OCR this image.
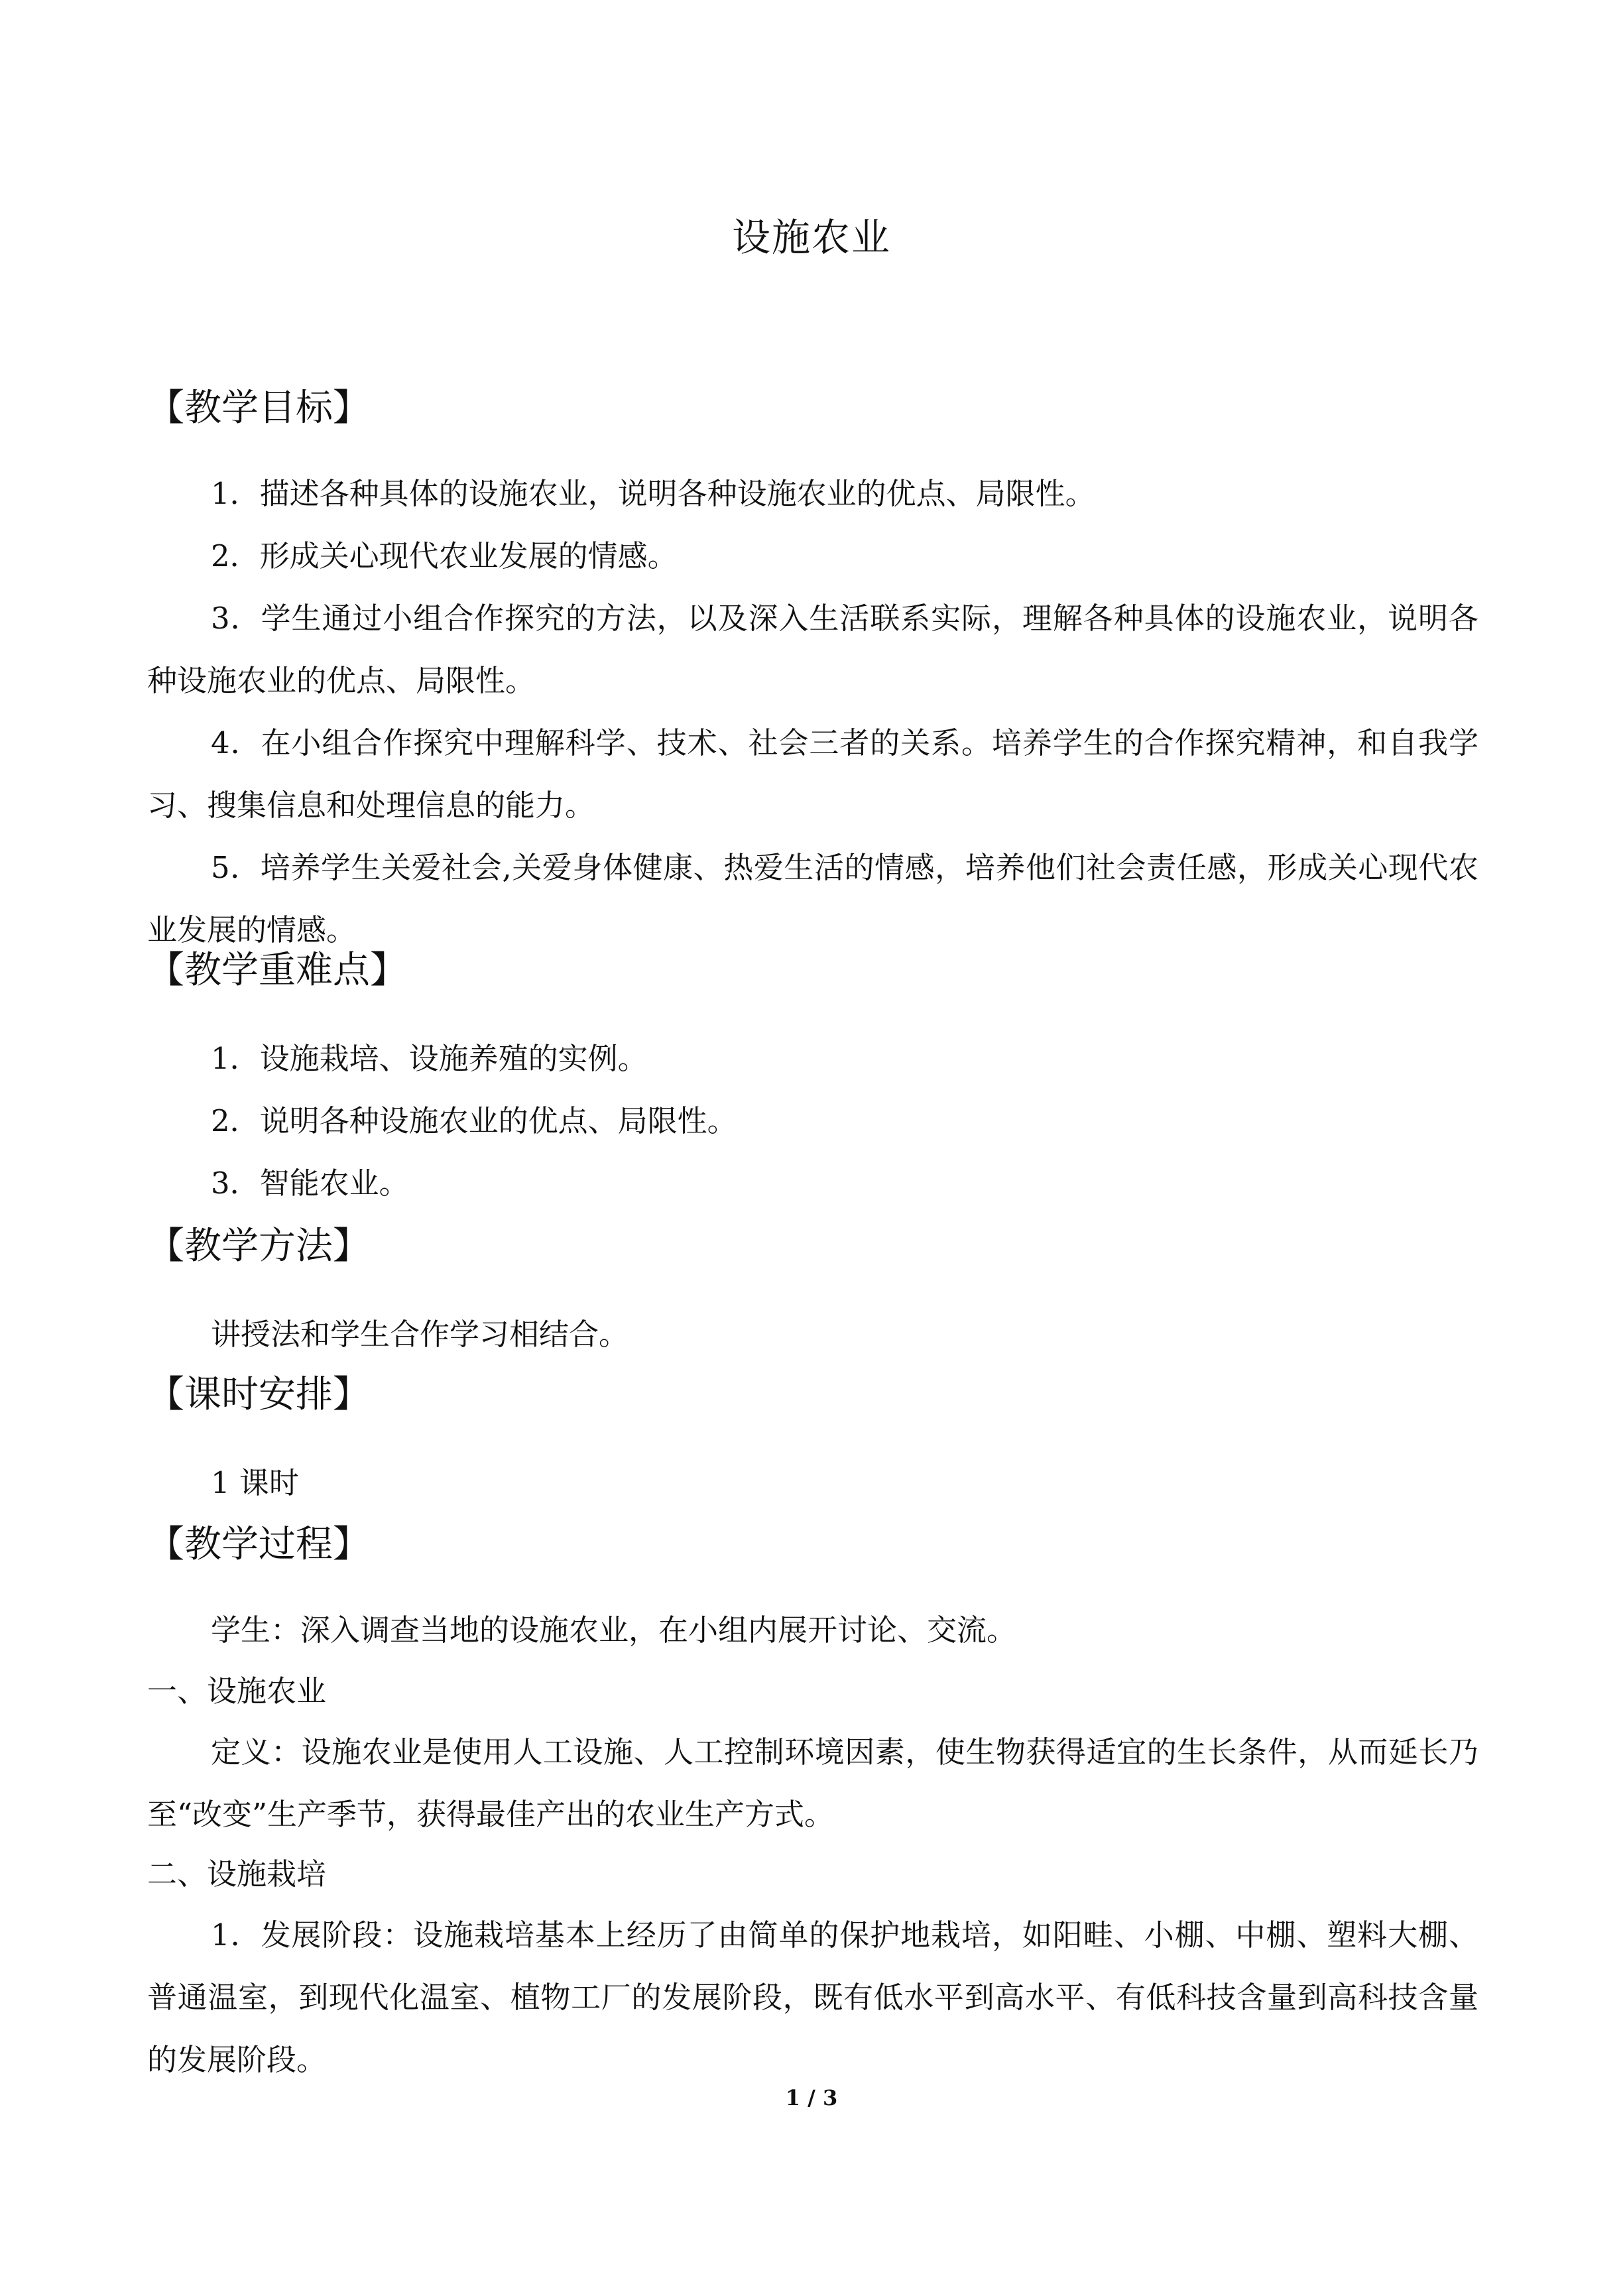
设施农业
【教学目标】
1．描述各种具体的设施农业，说明各种设施农业的优点、局限性。
2．形成关心现代农业发展的情感。
3．学生通过小组合作探究的方法，以及深入生活联系实际，理解各种具体的设施农业，说明各种设施农业的优点、局限性。
4．在小组合作探究中理解科学、技术、社会三者的关系。培养学生的合作探究精神，和自我学习、搜集信息和处理信息的能力。
5．培养学生关爱社会,关爱身体健康、热爱生活的情感，培养他们社会责任感，形成关心现代农业发展的情感。
【教学重难点】
1．设施栽培、设施养殖的实例。
2．说明各种设施农业的优点、局限性。
3．智能农业。
【教学方法】
讲授法和学生合作学习相结合。
【课时安排】
1 课时
【教学过程】
学生：深入调查当地的设施农业，在小组内展开讨论、交流。
一、设施农业
定义：设施农业是使用人工设施、人工控制环境因素，使生物获得适宜的生长条件，从而延长乃至“改变”生产季节，获得最佳产出的农业生产方式。
二、设施栽培
1．发展阶段：设施栽培基本上经历了由简单的保护地栽培，如阳畦、小棚、中棚、塑料大棚、普通温室，到现代化温室、植物工厂的发展阶段，既有低水平到高水平、有低科技含量到高科技含量的发展阶段。
1 / 3
